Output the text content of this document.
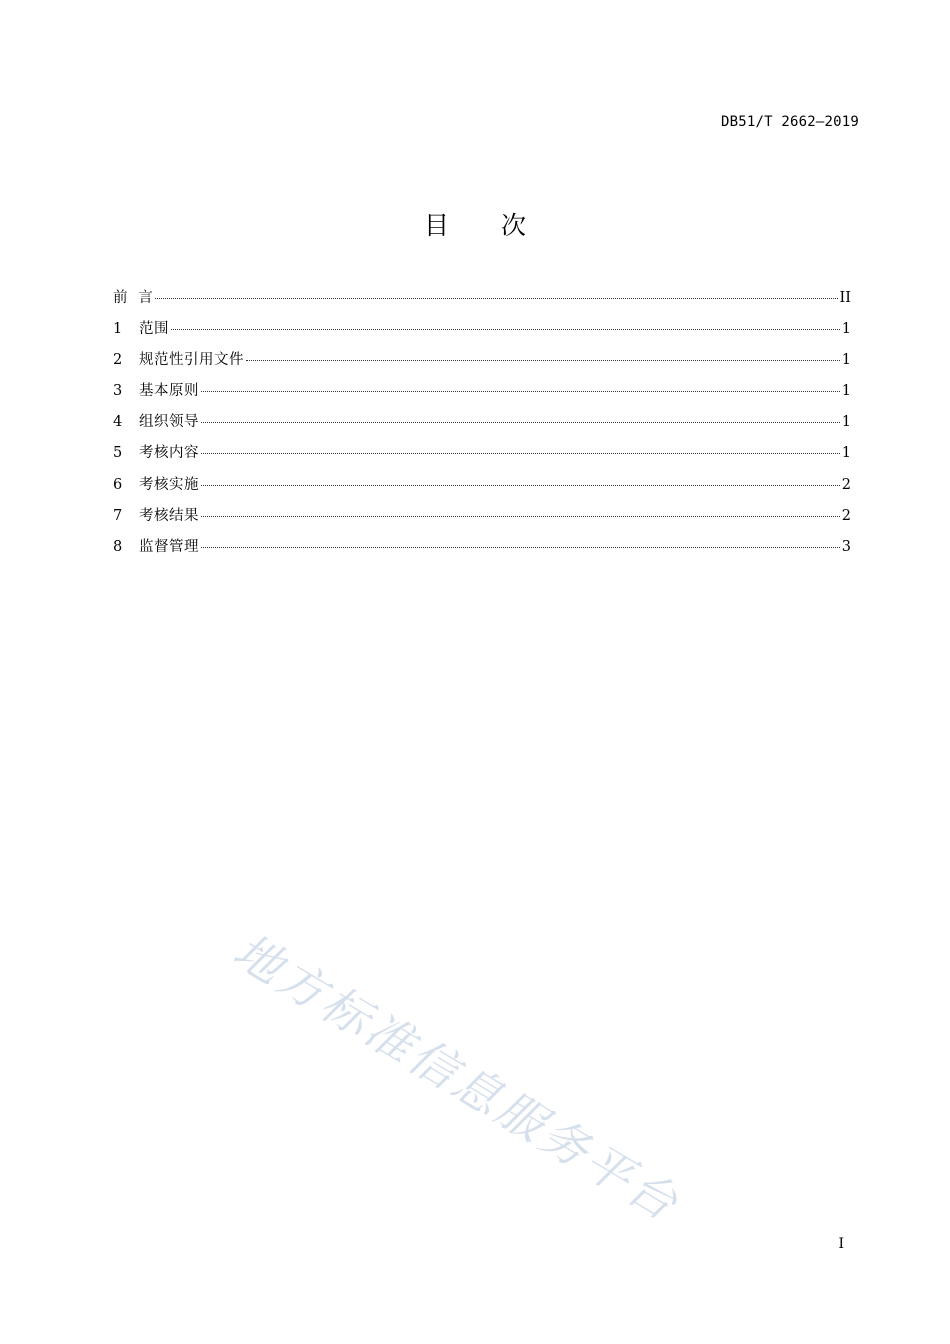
DB51/T 2662—2019
目次
前  言	II
1	范围	1
2	规范性引用文件	1
3	基本原则	1
4	组织领导	1
5	考核内容	1
6	考核实施	2
7	考核结果	2
8	监督管理	3
地方标准信息服务平台
I
